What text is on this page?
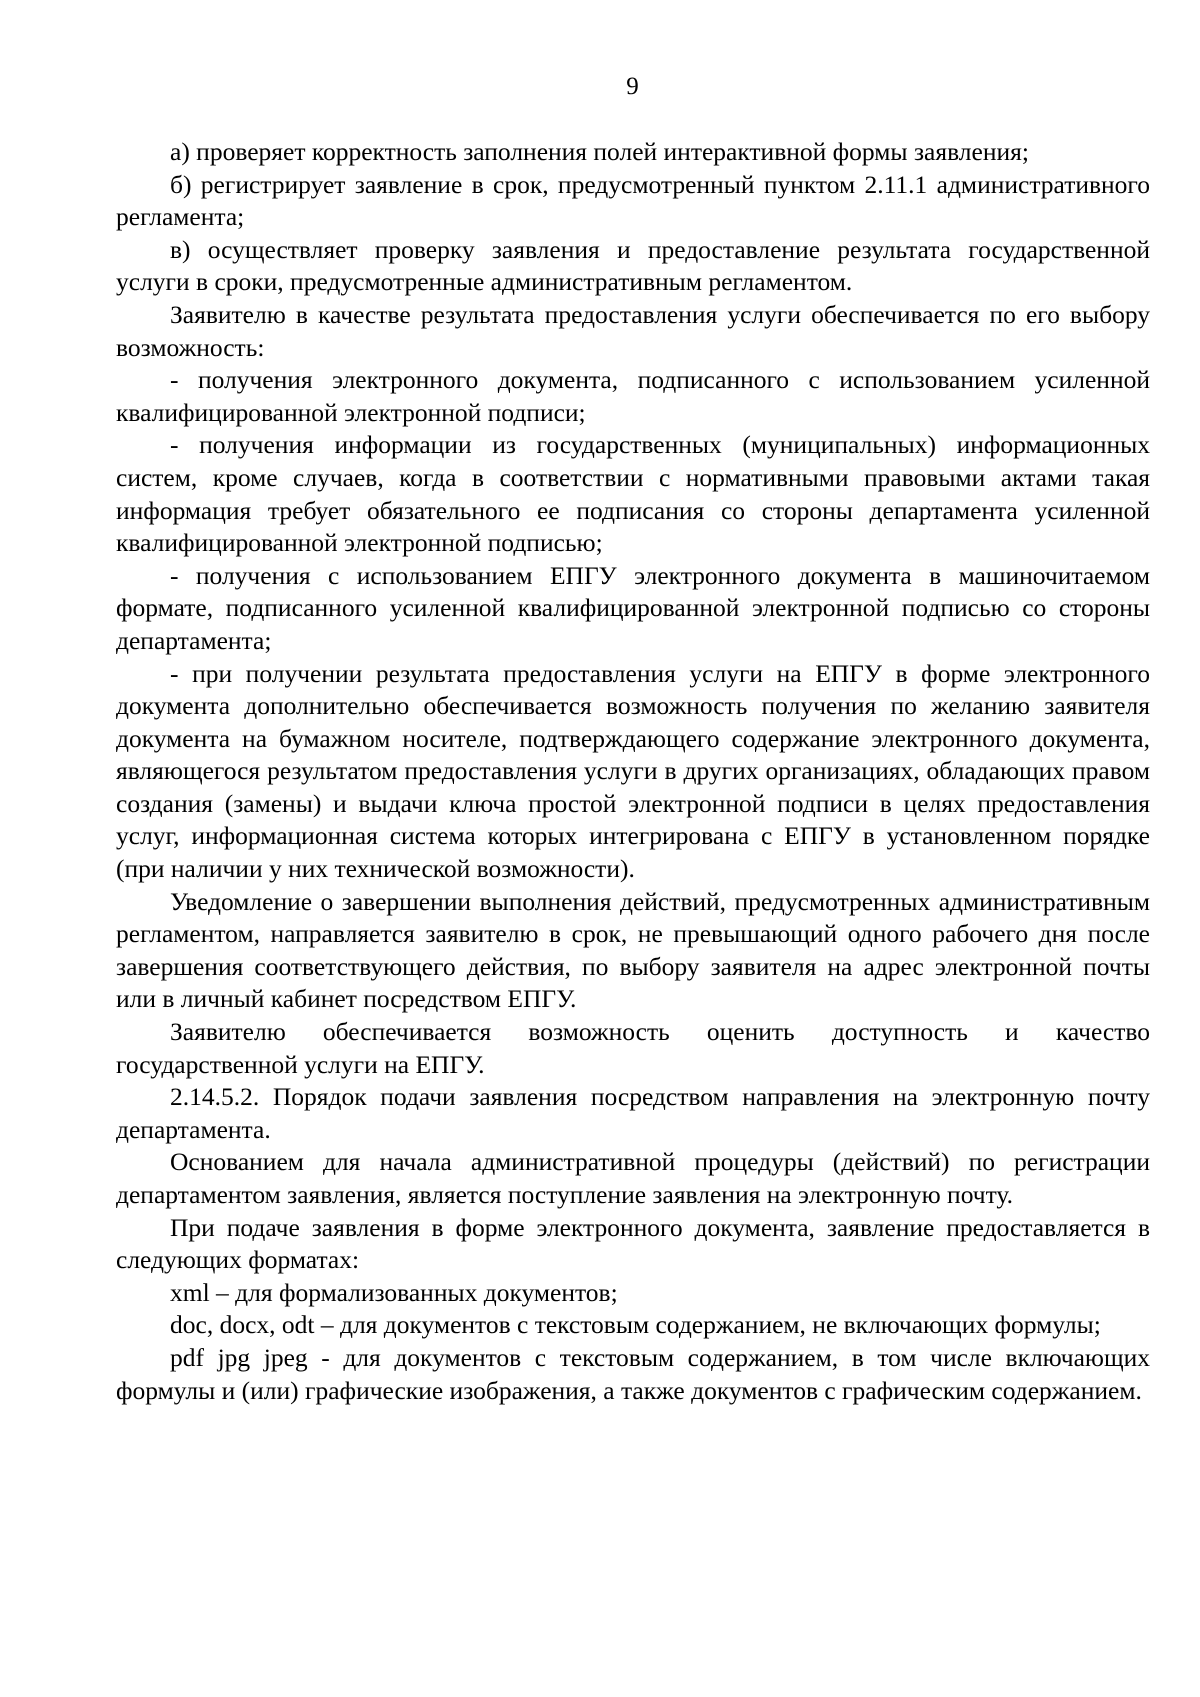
9

а) проверяет корректность заполнения полей интерактивной формы заявления;

б) регистрирует заявление в срок, предусмотренный пунктом 2.11.1 административного регламента;

в) осуществляет проверку заявления и предоставление результата государственной услуги в сроки, предусмотренные административным регламентом.

Заявителю в качестве результата предоставления услуги обеспечивается по его выбору возможность:

- получения электронного документа, подписанного с использованием усиленной квалифицированной электронной подписи;

- получения информации из государственных (муниципальных) информационных систем, кроме случаев, когда в соответствии с нормативными правовыми актами такая информация требует обязательного ее подписания со стороны департамента усиленной квалифицированной электронной подписью;

- получения с использованием ЕПГУ электронного документа в машиночитаемом формате, подписанного усиленной квалифицированной электронной подписью со стороны департамента;

- при получении результата предоставления услуги на ЕПГУ в форме электронного документа дополнительно обеспечивается возможность получения по желанию заявителя документа на бумажном носителе, подтверждающего содержание электронного документа, являющегося результатом предоставления услуги в других организациях, обладающих правом создания (замены) и выдачи ключа простой электронной подписи в целях предоставления услуг, информационная система которых интегрирована с ЕПГУ в установленном порядке (при наличии у них технической возможности).

Уведомление о завершении выполнения действий, предусмотренных административным регламентом, направляется заявителю в срок, не превышающий одного рабочего дня после завершения соответствующего действия, по выбору заявителя на адрес электронной почты или в личный кабинет посредством ЕПГУ.

Заявителю обеспечивается возможность оценить доступность и качество государственной услуги на ЕПГУ.

2.14.5.2. Порядок подачи заявления посредством направления на электронную почту департамента.

Основанием для начала административной процедуры (действий) по регистрации департаментом заявления, является поступление заявления на электронную почту.

При подаче заявления в форме электронного документа, заявление предоставляется в следующих форматах:

xml – для формализованных документов;

doc, docx, odt – для документов с текстовым содержанием, не включающих формулы;

pdf jpg jpeg - для документов с текстовым содержанием, в том числе включающих формулы и (или) графические изображения, а также документов с графическим содержанием.
